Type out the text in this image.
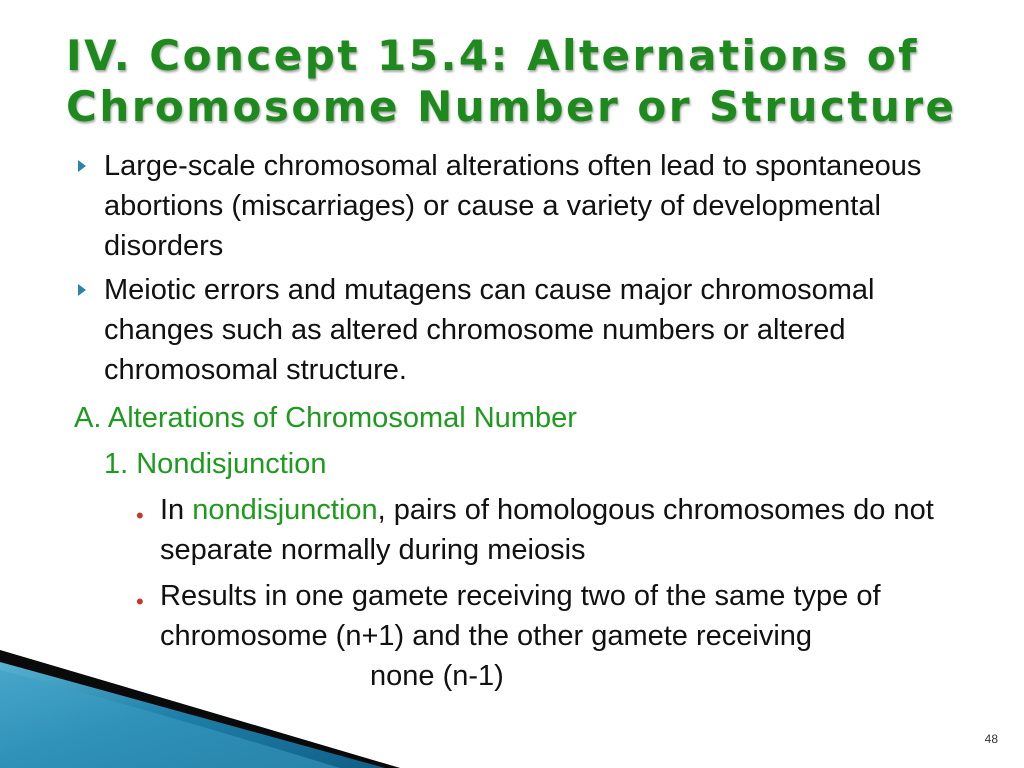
IV. Concept 15.4: Alternations of
Chromosome Number or Structure
Large-scale chromosomal alterations often lead to spontaneous abortions (miscarriages) or cause a variety of developmental disorders
Meiotic errors and mutagens can cause major chromosomal changes such as altered chromosome numbers or altered chromosomal structure.
A. Alterations of Chromosomal Number
1. Nondisjunction
• In nondisjunction, pairs of homologous chromosomes do not separate normally during meiosis
• Results in one gamete receiving two of the same type of chromosome (n+1) and the other gamete receiving
none (n-1)
48
